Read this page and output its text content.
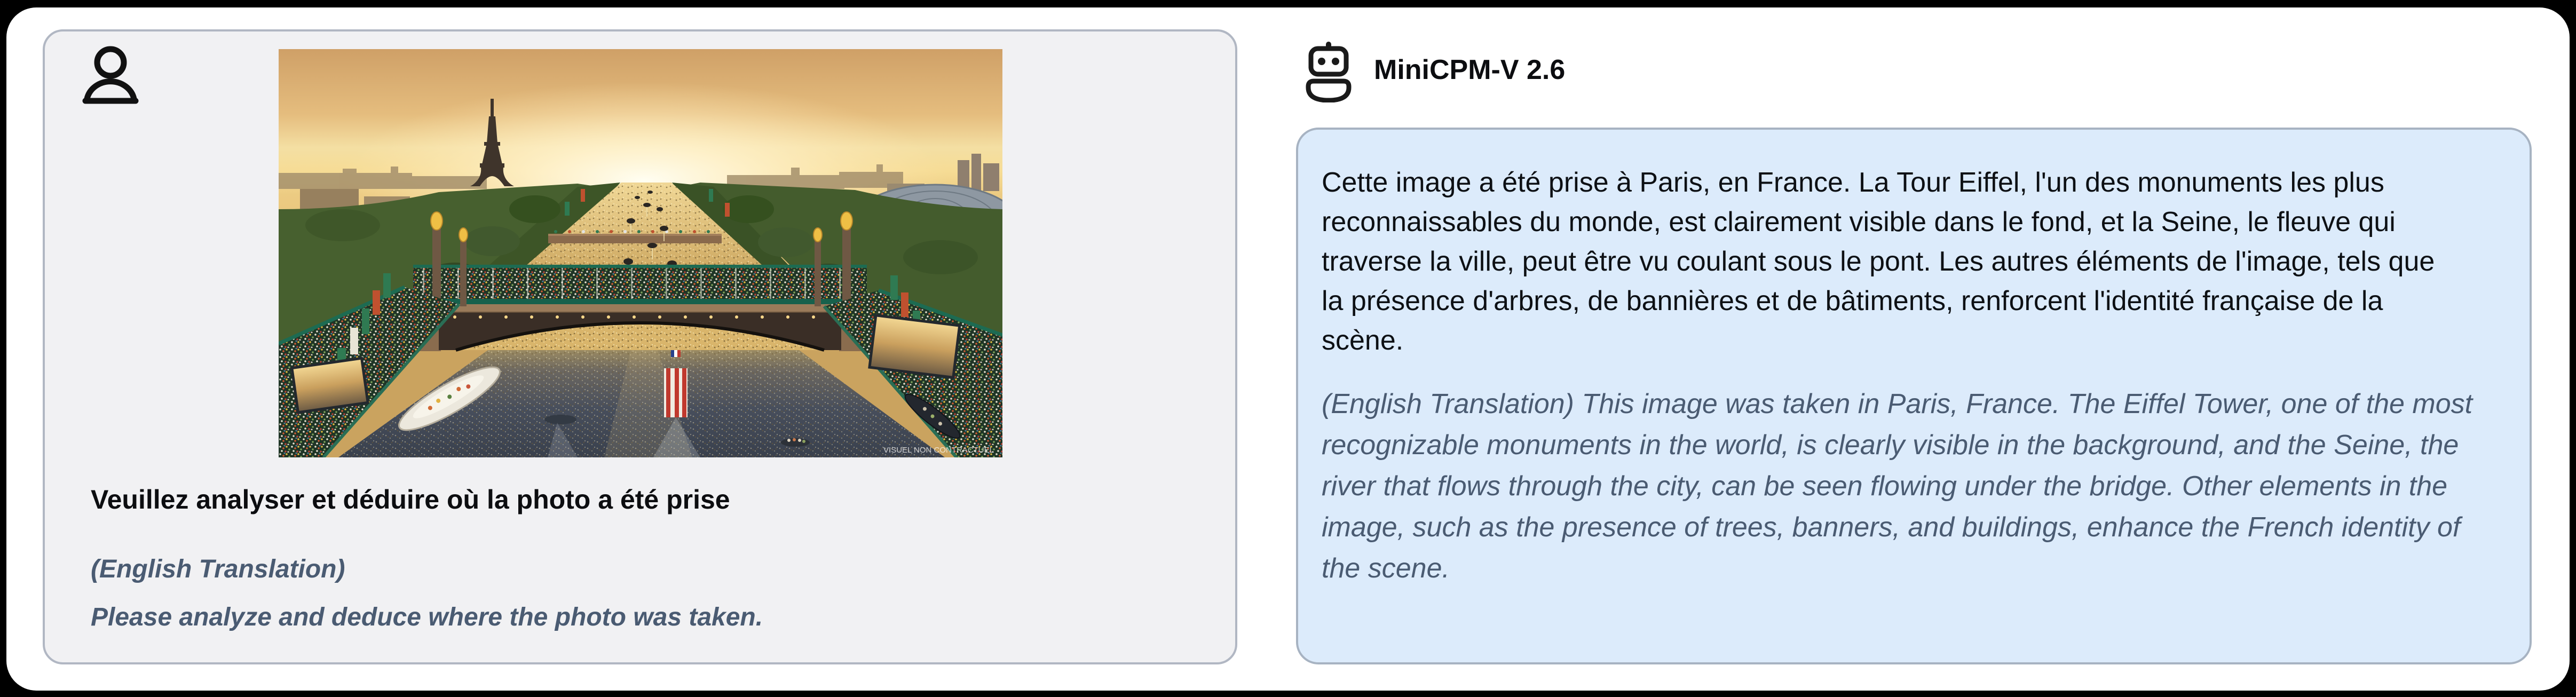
VISUEL NON CONTRACTUEL
Veuillez analyser et déduire où la photo a été prise
(English Translation)
Please analyze and deduce where the photo was taken.
MiniCPM-V 2.6

Cette image a été prise à Paris, en France. La Tour Eiffel, l'un des monuments les plus reconnaissables du monde, est clairement visible dans le fond, et la Seine, le fleuve qui traverse la ville, peut être vu coulant sous le pont. Les autres éléments de l'image, tels que la présence d'arbres, de bannières et de bâtiments, renforcent l'identité française de la scène.

(English Translation) This image was taken in Paris, France. The Eiffel Tower, one of the most recognizable monuments in the world, is clearly visible in the background, and the Seine, the river that flows through the city, can be seen flowing under the bridge. Other elements in the image, such as the presence of trees, banners, and buildings, enhance the French identity of the scene.
